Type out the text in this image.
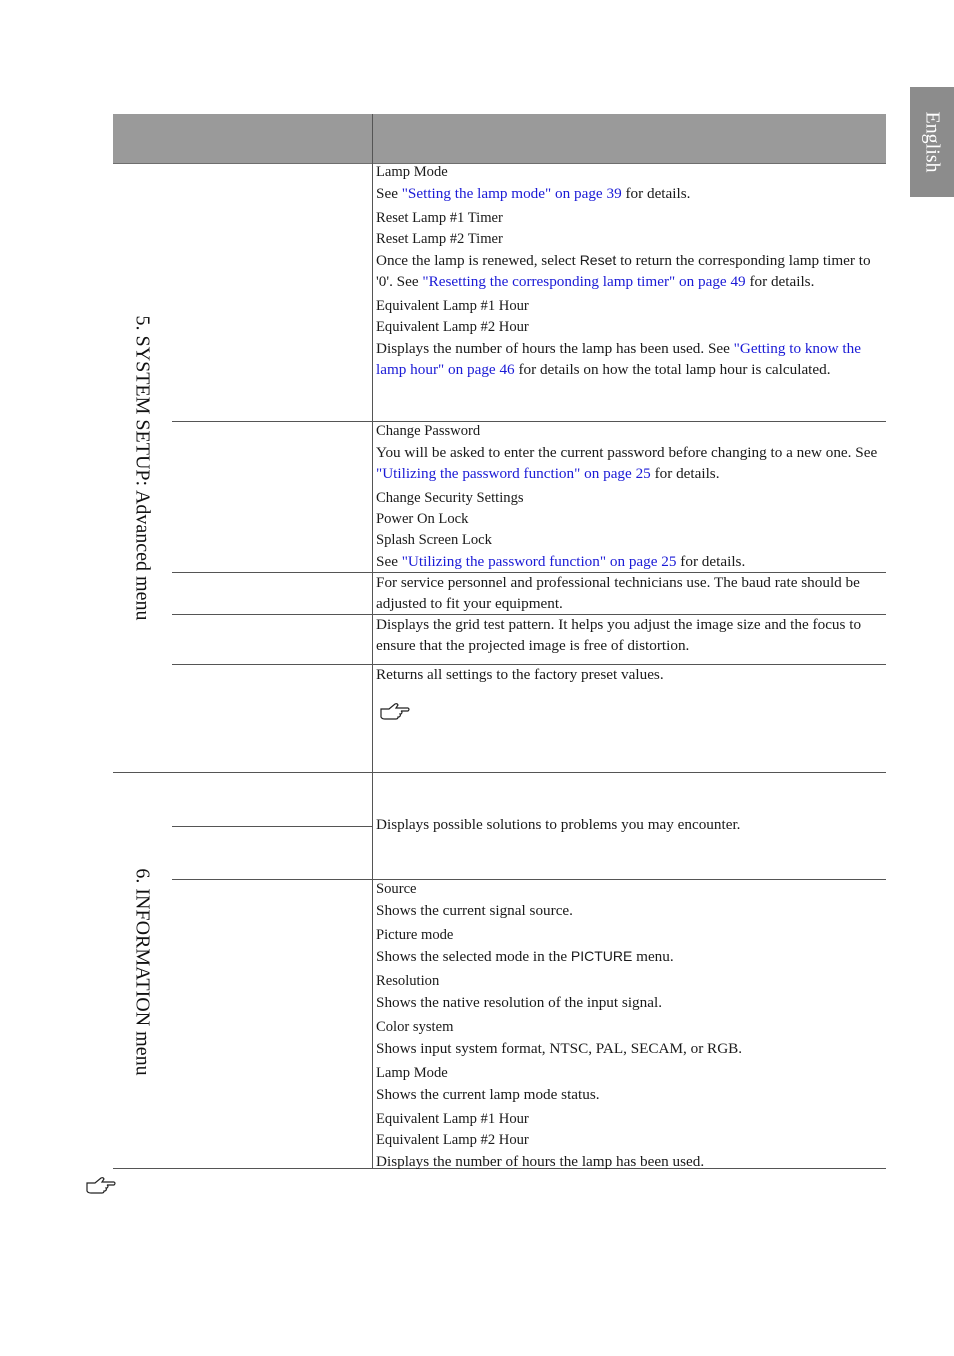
English
5. SYSTEM SETUP: Advanced menu
6. INFORMATION menu
Lamp Mode

See "Setting the lamp mode" on page 39 for details.

Reset Lamp #1 Timer
Reset Lamp #2 Timer

Once the lamp is renewed, select Reset to return the corresponding lamp timer to '0'. See "Resetting the corresponding lamp timer" on page 49 for details.

Equivalent Lamp #1 Hour
Equivalent Lamp #2 Hour

Displays the number of hours the lamp has been used. See "Getting to know the lamp hour" on page 46 for details on how the total lamp hour is calculated.

Change Password

You will be asked to enter the current password before changing to a new one. See "Utilizing the password function" on page 25 for details.

Change Security Settings
Power On Lock
Splash Screen Lock

See "Utilizing the password function" on page 25 for details.

For service personnel and professional technicians use. The baud rate should be adjusted to fit your equipment.

Displays the grid test pattern. It helps you adjust the image size and the focus to ensure that the projected image is free of distortion.

Returns all settings to the factory preset values.

Displays possible solutions to problems you may encounter.

Source

Shows the current signal source.

Picture mode

Shows the selected mode in the PICTURE menu.

Resolution

Shows the native resolution of the input signal.

Color system

Shows input system format, NTSC, PAL, SECAM, or RGB.

Lamp Mode

Shows the current lamp mode status.

Equivalent Lamp #1 Hour
Equivalent Lamp #2 Hour

Displays the number of hours the lamp has been used.
